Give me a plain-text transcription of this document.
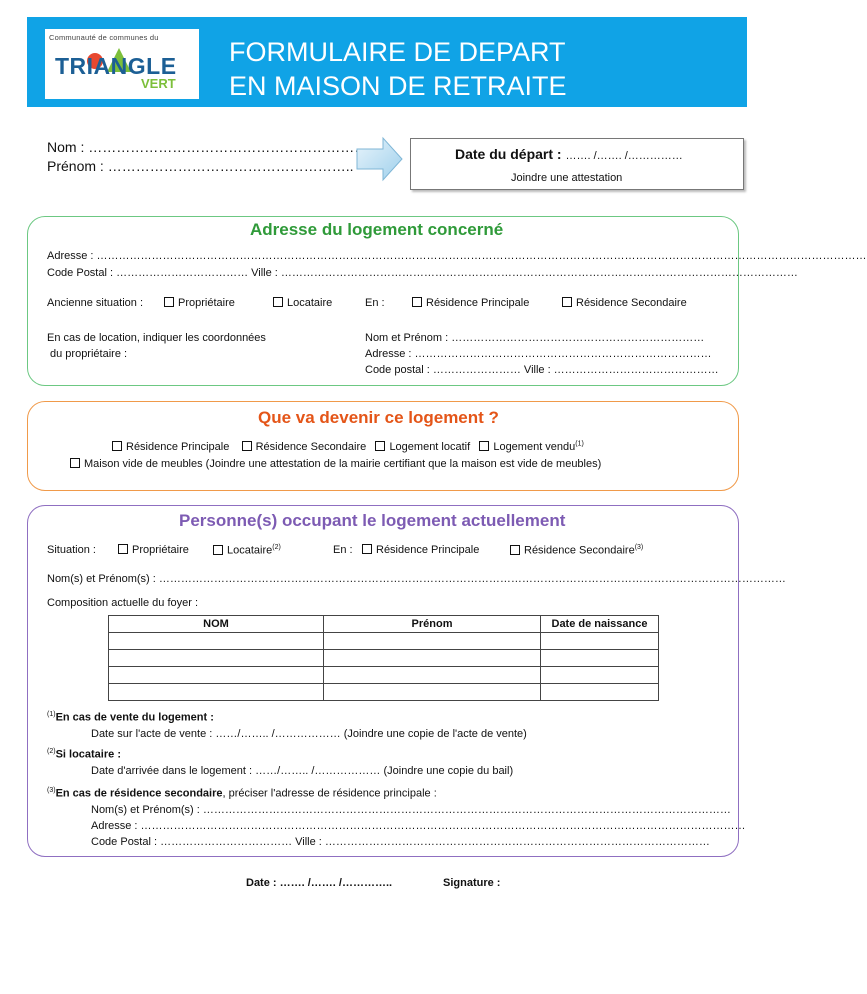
Communauté de communes du
TRIANGLE
VERT
FORMULAIRE DE DEPART
EN MAISON DE RETRAITE
Nom : ……………………………………………………
Prénom : ……………………………………………..
Date du départ : ……. /……. /……………
Joindre une attestation
Adresse du logement concerné
Adresse : …………………………………………………………………………………………………………………………………………………………………………………………
Code Postal : ……………………………… Ville : ……………………………………………………………………………………………………………………………
Ancienne situation :	Propriétaire	Locataire	En :	Résidence Principale	Résidence Secondaire
En cas de location, indiquer les coordonnées
du propriétaire :
Nom et Prénom : ……………………………………………………………
Adresse : ………………………………………………………………………
Code postal : …………………… Ville : ………………………………………
Que va devenir ce logement ?
Résidence Principale Résidence Secondaire Logement locatif Logement vendu$^{(1)}$
Maison vide de meubles (Joindre une attestation de la mairie certifiant que la maison est vide de meubles)
Personne(s) occupant le logement actuellement
Situation :	Propriétaire	Locataire$^{(2)}$	En :	Résidence Principale	Résidence Secondaire$^{(3)}$
Nom(s) et Prénom(s) : ………………………………………………………………………………………………………………………………………………………
Composition actuelle du foyer :
NOM	Prénom	Date de naissance

$^{(1)}$En cas de vente du logement :
Date sur l'acte de vente : ……/…….. /……………… (Joindre une copie de l'acte de vente)
$^{(2)}$Si locataire :
Date d'arrivée dans le logement : ……/…….. /……………… (Joindre une copie du bail)
$^{(3)}$En cas de résidence secondaire, préciser l'adresse de résidence principale :
Nom(s) et Prénom(s) : ………………………………………………………………………………………………………………………………
Adresse : …………………………………………………………………………………………………………………………………………………
Code Postal : ……………………………… Ville : ……………………………………………………………………………………………
Date : ……. /……. /…………..	Signature :
